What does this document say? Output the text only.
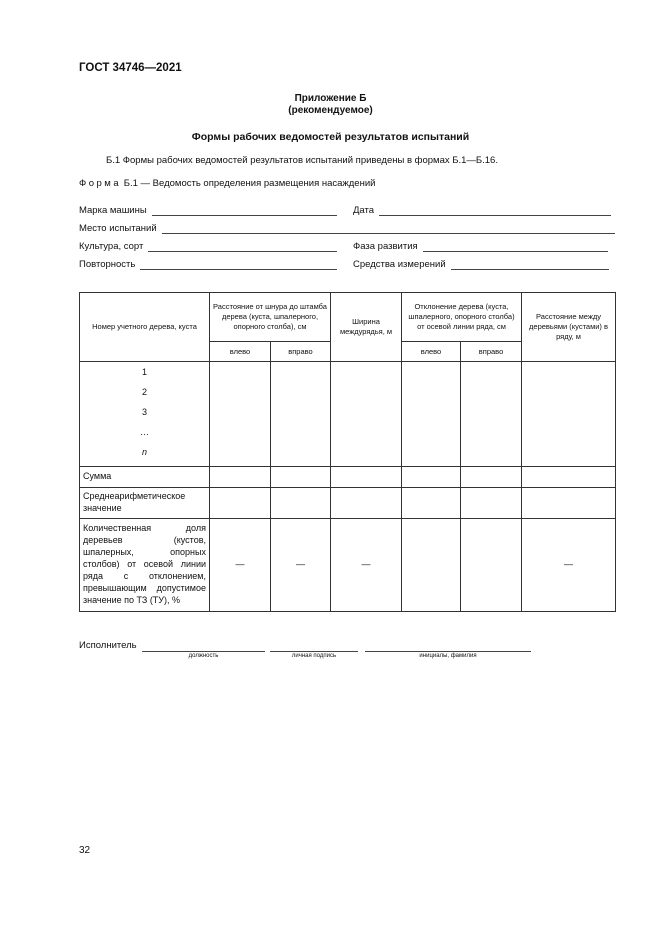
ГОСТ 34746—2021
Приложение Б
(рекомендуемое)
Формы рабочих ведомостей результатов испытаний
Б.1 Формы рабочих ведомостей результатов испытаний приведены в формах Б.1—Б.16.
Форма Б.1 — Ведомость определения размещения насаждений
Марка машины	Дата
Место испытаний
Культура, сорт	Фаза развития
Повторность	Средства измерений
Номер учетного дерева, куста	Расстояние от шнура до штамба дерева (куста, шпалерного, опорного столба), см		Ширина междурядья, м	Отклонение дерева (куста, шпалерного, опорного столба) от осевой линии ряда, см		Расстояние между деревьями (кустами) в ряду, м
	влево	вправо		влево	вправо	

1
2
3
…
n						

Сумма						
Среднеарифметическое значение						
Количественная доля деревьев (кустов, шпалерных, опорных столбов) от осевой линии ряда с отклонением, превышающим допустимое значение по ТЗ (ТУ), %	—	—	—			—
Исполнитель
должность	личная подпись	инициалы, фамилия
32
